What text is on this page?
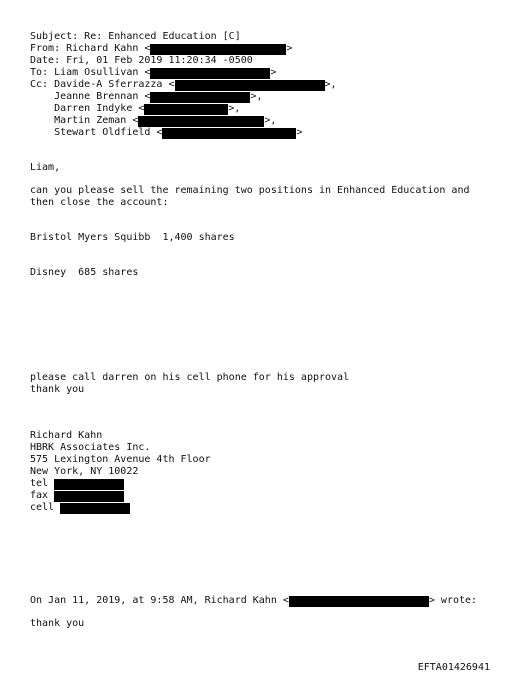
Subject: Re: Enhanced Education [C]
From: Richard Kahn <	>
Date: Fri, 01 Feb 2019 11:20:34 -0500
To: Liam Osullivan <	>
Cc: Davide-A Sferrazza <	>,
Jeanne Brennan <	>,
Darren Indyke <	>,
Martin Zeman <	>,
Stewart Oldfield <	>
Liam,
can you please sell the remaining two positions in Enhanced Education and
then close the account:
Bristol Myers Squibb  1,400 shares
Disney  685 shares
please call darren on his cell phone for his approval
thank you
Richard Kahn
HBRK Associates Inc.
575 Lexington Avenue 4th Floor
New York, NY 10022
tel
fax
cell
On Jan 11, 2019, at 9:58 AM, Richard Kahn <	> wrote:
thank you
EFTA01426941
